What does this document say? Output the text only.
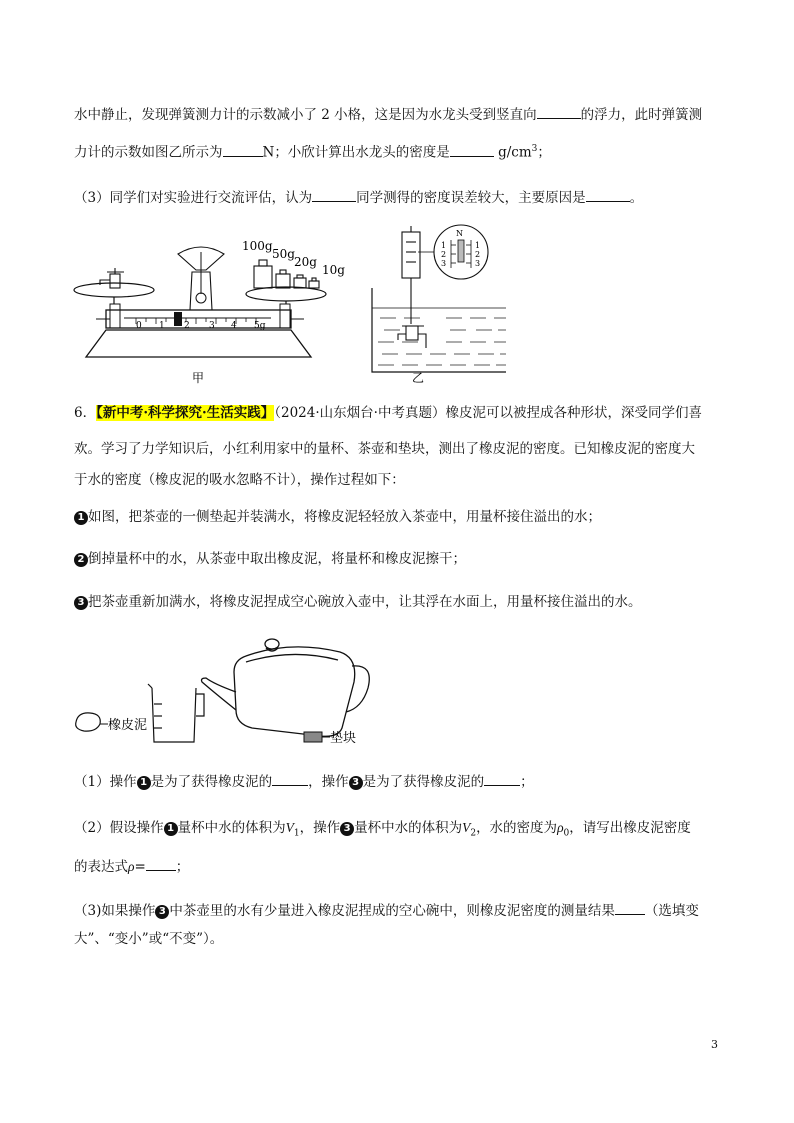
水中静止，发现弹簧测力计的示数减小了 2 小格，这是因为水龙头受到竖直向	的浮力，此时弹簧测
力计的示数如图乙所示为	N；小欣计算出水龙头的密度是	$g/cm^3$；
（3）同学们对实验进行交流评估，认为	同学测得的密度误差较大，主要原因是	。
0 1 2 3 4 5g
100g
50g
20g
10g
甲
N
1
2
3
1
2
3
乙
6．【新中考·科学探究·生活实践】（2024·山东烟台·中考真题）橡皮泥可以被捏成各种形状，深受同学们喜
欢。学习了力学知识后，小红利用家中的量杯、茶壶和垫块，测出了橡皮泥的密度。已知橡皮泥的密度大
于水的密度（橡皮泥的吸水忽略不计），操作过程如下：
1 如图，把茶壶的一侧垫起并装满水，将橡皮泥轻轻放入茶壶中，用量杯接住溢出的水；
2 倒掉量杯中的水，从茶壶中取出橡皮泥，将量杯和橡皮泥擦干；
3 把茶壶重新加满水，将橡皮泥捏成空心碗放入壶中，让其浮在水面上，用量杯接住溢出的水。
橡皮泥
垫块
（1）操作 1 是为了获得橡皮泥的	，操作 3 是为了获得橡皮泥的	；
（2）假设操作 1 量杯中水的体积为$V_1$，操作 3 量杯中水的体积为$V_2$，水的密度为$\rho_0$，请写出橡皮泥密度
的表达式ρ= ；
（3)如果操作 3 中茶壶里的水有少量进入橡皮泥捏成的空心碗中，则橡皮泥密度的测量结果 （选填变
大”、“变小”或“不变”）。
3
